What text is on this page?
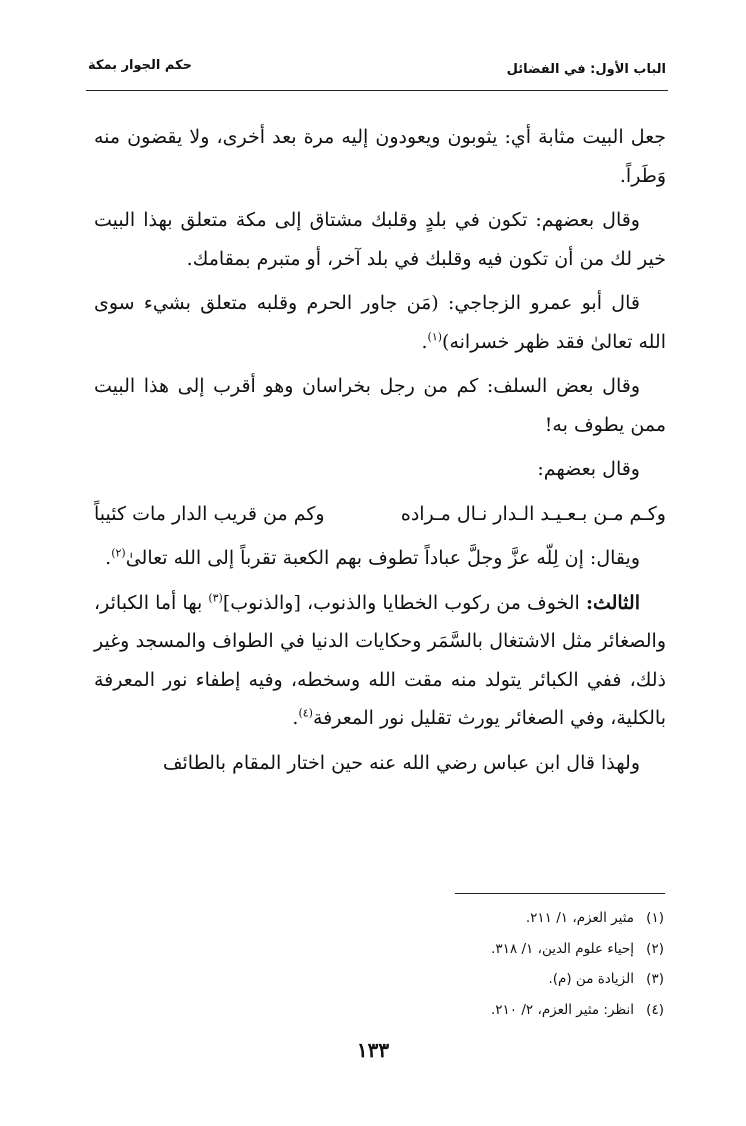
الباب الأول: في الفضائل
حكم الجوار بمكة

جعل البيت مثابة أي: يثوبون ويعودون إليه مرة بعد أخرى، ولا يقضون منه وَطَراً.

وقال بعضهم: تكون في بلدٍ وقلبك مشتاق إلى مكة متعلق بهذا البيت خير لك من أن تكون فيه وقلبك في بلد آخر، أو متبرم بمقامك.

قال أبو عمرو الزجاجي: (مَن جاور الحرم وقلبه متعلق بشيء سوى الله تعالىٰ فقد ظهر خسرانه)$^{(١)}$.

وقال بعض السلف: كم من رجل بخراسان وهو أقرب إلى هذا البيت ممن يطوف به!

وقال بعضهم:

وكـم مـن بـعـيـد الـدار نـال مـراده
وكم من قريب الدار مات كئيباً

ويقال: إن لِلّه عزَّ وجلَّ عباداً تطوف بهم الكعبة تقرباً إلى الله تعالىٰ$^{(٢)}$.

الثالث: الخوف من ركوب الخطايا والذنوب، [والذنوب]$^{(٣)}$ بها أما الكبائر، والصغائر مثل الاشتغال بالسَّمَر وحكايات الدنيا في الطواف والمسجد وغير ذلك، ففي الكبائر يتولد منه مقت الله وسخطه، وفيه إطفاء نور المعرفة بالكلية، وفي الصغائر يورث تقليل نور المعرفة$^{(٤)}$.

ولهذا قال ابن عباس رضي الله عنه حين اختار المقام بالطائف

(١)مثير العزم، ١/ ٢١١.
(٢)إحياء علوم الدين، ١/ ٣١٨.
(٣)الزيادة من (م).
(٤)انظر: مثير العزم، ٢/ ٢١٠.
١٣٣
